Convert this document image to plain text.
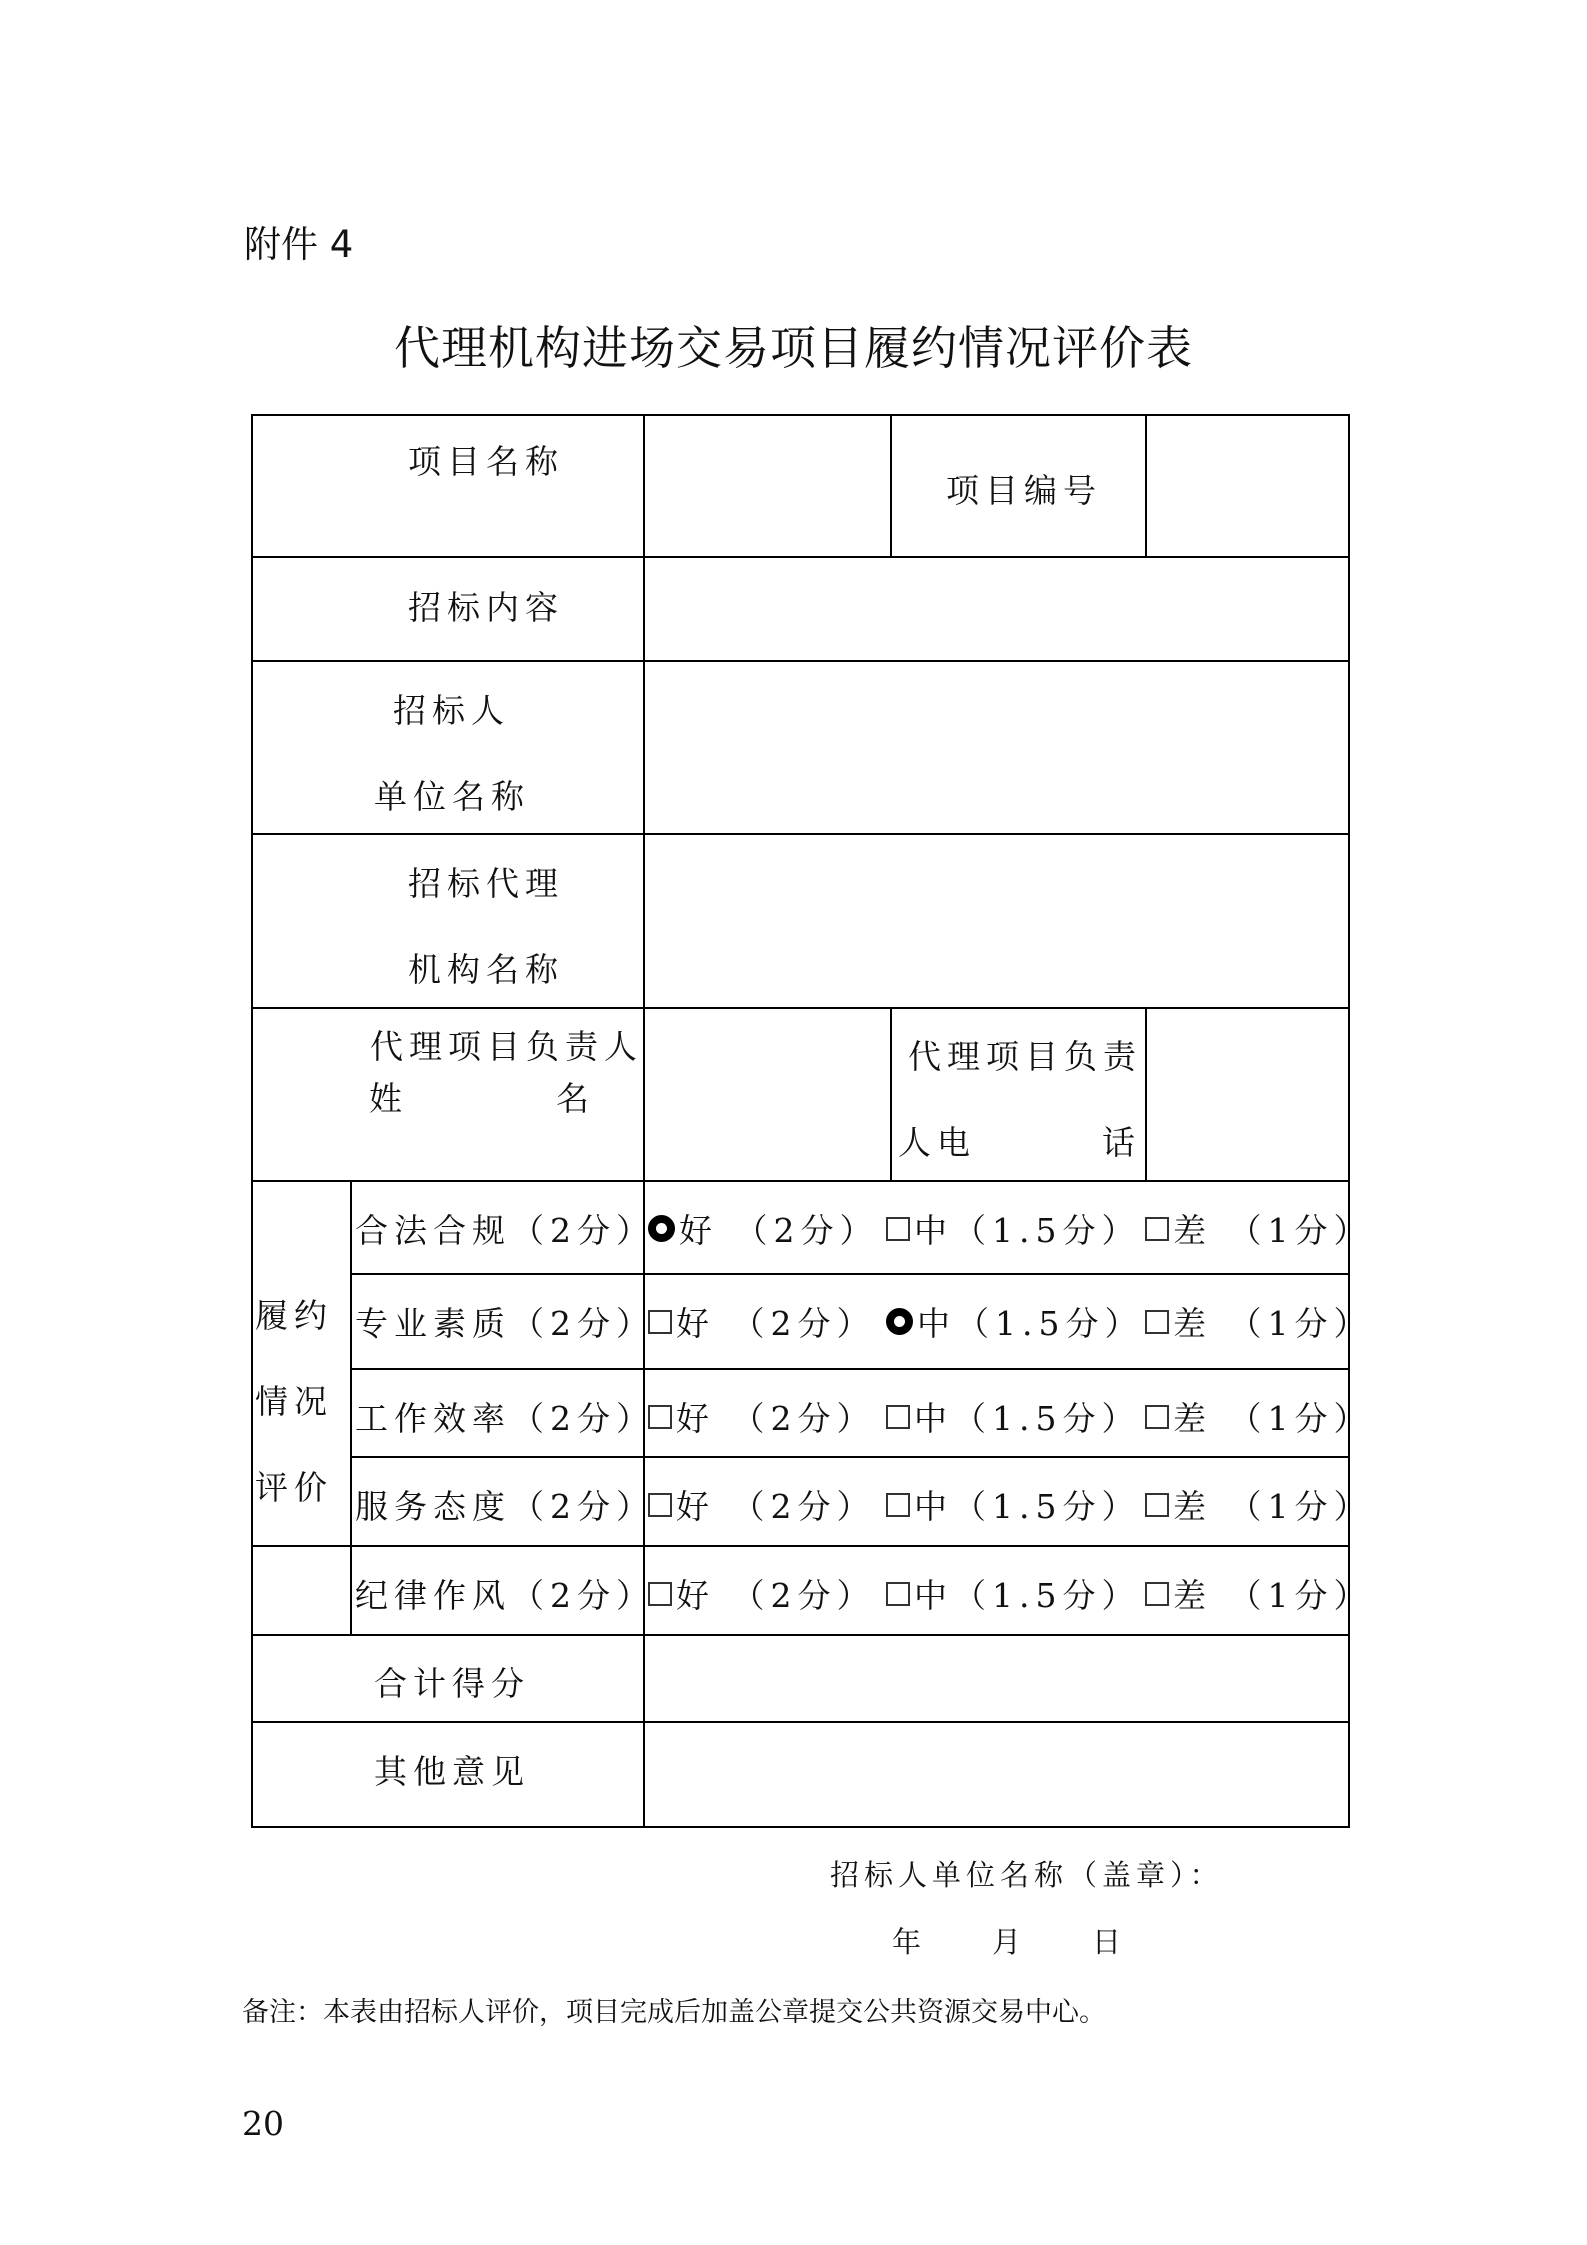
附件 4
代理机构进场交易项目履约情况评价表
项目名称
项目编号
招标内容
招标人
单位名称
招标代理
机构名称
代理项目负责人
姓	名
代理项目负责
人电	话
履约
情况
评价
合法合规（2分） 好 （2分） 中（1.5分） 差 （1分）
专业素质（2分） 好 （2分） 中（1.5分） 差 （1分）
工作效率（2分） 好 （2分） 中（1.5分） 差 （1分）
服务态度（2分） 好 （2分） 中（1.5分） 差 （1分）
纪律作风（2分） 好 （2分） 中（1.5分） 差 （1分）
合计得分
其他意见
招标人单位名称（盖章）：
年 月 日
备注：本表由招标人评价，项目完成后加盖公章提交公共资源交易中心。
20
